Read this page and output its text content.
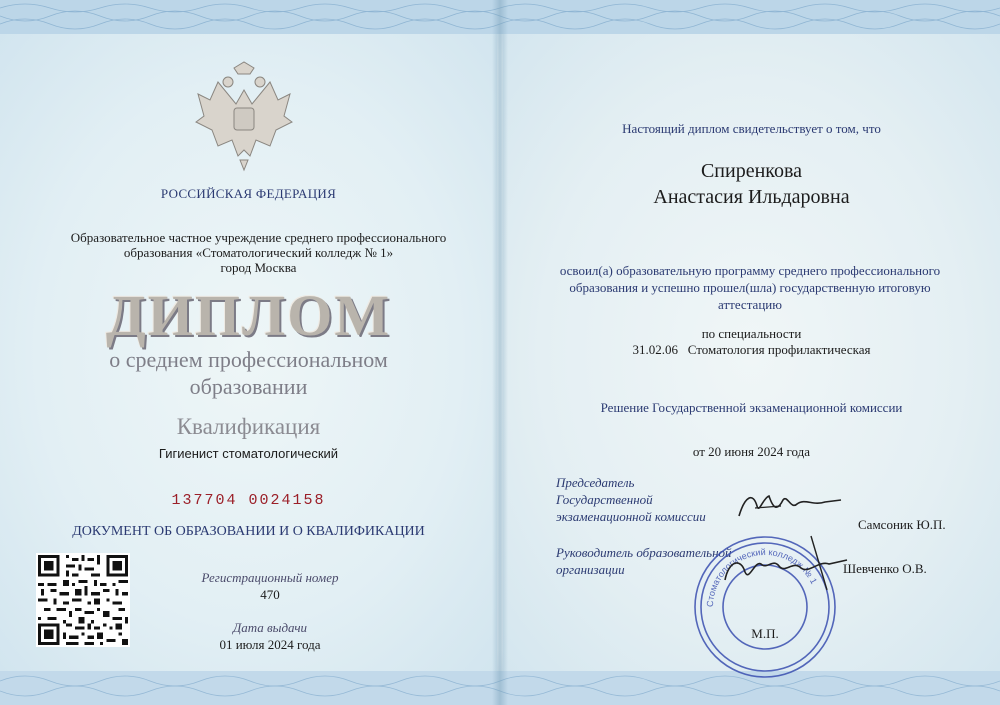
РОССИЙСКАЯ ФЕДЕРАЦИЯ
Образовательное частное учреждение среднего профессионального
образования «Стоматологический колледж № 1»
город Москва
ДИПЛОМ
о среднем профессиональном
образовании
Квалификация
Гигиенист стоматологический
137704 0024158
ДОКУМЕНТ ОБ ОБРАЗОВАНИИ И О КВАЛИФИКАЦИИ
Регистрационный номер
470
Дата выдачи
01 июля 2024 года
Настоящий диплом свидетельствует о том, что
Спиренкова
Анастасия Ильдаровна
освоил(а) образовательную программу среднего профессионального
образования и успешно прошел(шла) государственную итоговую
аттестацию
по специальности
31.02.06   Стоматология профилактическая
Решение Государственной экзаменационной комиссии
от 20 июня 2024 года
Председатель
Государственной
экзаменационной комиссии
Самсоник Ю.П.
Руководитель образовательной
организации	Шевченко О.В.
Стоматологический колледж № 1
М.П.
